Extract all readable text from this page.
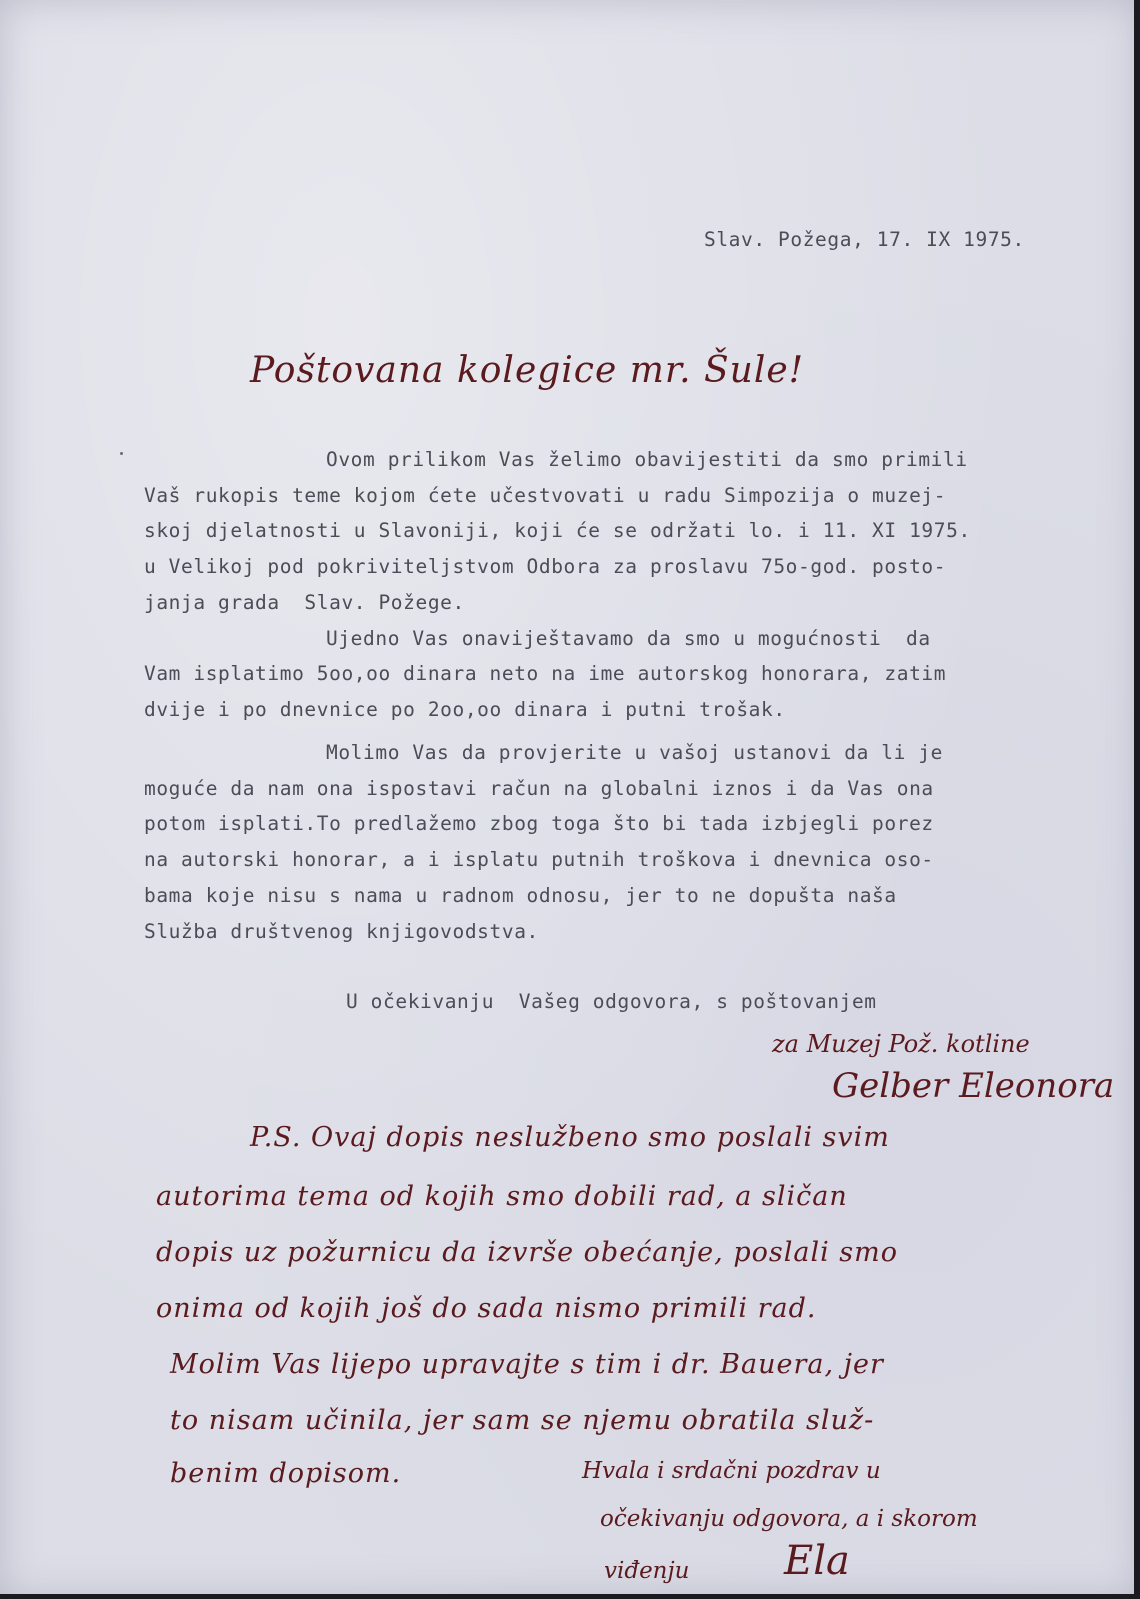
Slav. Požega, 17. IX 1975.
Poštovana kolegice mr. Šule!
Ovom prilikom Vas želimo obavijestiti da smo primili
Vaš rukopis teme kojom ćete učestvovati u radu Simpozija o muzej-
skoj djelatnosti u Slavoniji, koji će se održati lo. i 11. XI 1975.
u Velikoj pod pokriviteljstvom Odbora za proslavu 75o-god. posto-
janja grada  Slav. Požege.
Ujedno Vas onaviještavamo da smo u mogućnosti  da
Vam isplatimo 5oo,oo dinara neto na ime autorskog honorara, zatim
dvije i po dnevnice po 2oo,oo dinara i putni trošak.
Molimo Vas da provjerite u vašoj ustanovi da li je
moguće da nam ona ispostavi račun na globalni iznos i da Vas ona
potom isplati.To predlažemo zbog toga što bi tada izbjegli porez
na autorski honorar, a i isplatu putnih troškova i dnevnica oso-
bama koje nisu s nama u radnom odnosu, jer to ne dopušta naša
Služba društvenog knjigovodstva.
U očekivanju  Vašeg odgovora, s poštovanjem
za Muzej Pož. kotline
Gelber Eleonora
P.S. Ovaj dopis neslužbeno smo poslali svim
autorima tema od kojih smo dobili rad, a sličan
dopis uz požurnicu da izvrše obećanje, poslali smo
onima od kojih još do sada nismo primili rad.
Molim Vas lijepo upravajte s tim i dr. Bauera, jer
to nisam učinila, jer sam se njemu obratila služ-
benim dopisom.	Hvala i srdačni pozdrav u
očekivanju odgovora, a i skorom
viđenju Ela
